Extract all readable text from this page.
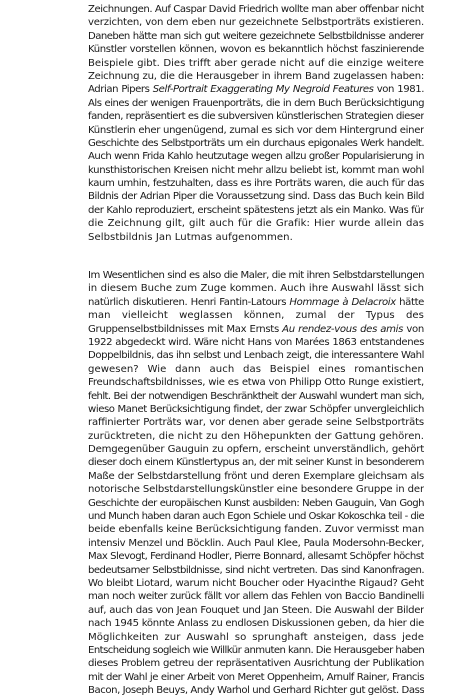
Zeichnungen. Auf Caspar David Friedrich wollte man aber offenbar nicht
verzichten, von dem eben nur gezeichnete Selbstporträts existieren.
Daneben hätte man sich gut weitere gezeichnete Selbstbildnisse anderer
Künstler vorstellen können, wovon es bekanntlich höchst faszinierende
Beispiele gibt. Dies trifft aber gerade nicht auf die einzige weitere
Zeichnung zu, die die Herausgeber in ihrem Band zugelassen haben:
Adrian Pipers Self-Portrait Exaggerating My Negroid Features von 1981.
Als eines der wenigen Frauenporträts, die in dem Buch Berücksichtigung
fanden, repräsentiert es die subversiven künstlerischen Strategien dieser
Künstlerin eher ungenügend, zumal es sich vor dem Hintergrund einer
Geschichte des Selbstporträts um ein durchaus epigonales Werk handelt.
Auch wenn Frida Kahlo heutzutage wegen allzu großer Popularisierung in
kunsthistorischen Kreisen nicht mehr allzu beliebt ist, kommt man wohl
kaum umhin, festzuhalten, dass es ihre Porträts waren, die auch für das
Bildnis der Adrian Piper die Voraussetzung sind. Dass das Buch kein Bild
der Kahlo reproduziert, erscheint spätestens jetzt als ein Manko. Was für
die Zeichnung gilt, gilt auch für die Grafik: Hier wurde allein das
Selbstbildnis Jan Lutmas aufgenommen.
Im Wesentlichen sind es also die Maler, die mit ihren Selbstdarstellungen
in diesem Buche zum Zuge kommen. Auch ihre Auswahl lässt sich
natürlich diskutieren. Henri Fantin-Latours Hommage à Delacroix hätte
man vielleicht weglassen können, zumal der Typus des
Gruppenselbstbildnisses mit Max Ernsts Au rendez-vous des amis von
1922 abgedeckt wird. Wäre nicht Hans von Marées 1863 entstandenes
Doppelbildnis, das ihn selbst und Lenbach zeigt, die interessantere Wahl
gewesen? Wie dann auch das Beispiel eines romantischen
Freundschaftsbildnisses, wie es etwa von Philipp Otto Runge existiert,
fehlt. Bei der notwendigen Beschränktheit der Auswahl wundert man sich,
wieso Manet Berücksichtigung findet, der zwar Schöpfer unvergleichlich
raffinierter Porträts war, vor denen aber gerade seine Selbstporträts
zurücktreten, die nicht zu den Höhepunkten der Gattung gehören.
Demgegenüber Gauguin zu opfern, erscheint unverständlich, gehört
dieser doch einem Künstlertypus an, der mit seiner Kunst in besonderem
Maße der Selbstdarstellung frönt und deren Exemplare gleichsam als
notorische Selbstdarstellungskünstler eine besondere Gruppe in der
Geschichte der europäischen Kunst ausbilden: Neben Gauguin, Van Gogh
und Munch haben daran auch Egon Schiele und Oskar Kokoschka teil - die
beide ebenfalls keine Berücksichtigung fanden. Zuvor vermisst man
intensiv Menzel und Böcklin. Auch Paul Klee, Paula Modersohn-Becker,
Max Slevogt, Ferdinand Hodler, Pierre Bonnard, allesamt Schöpfer höchst
bedeutsamer Selbstbildnisse, sind nicht vertreten. Das sind Kanonfragen.
Wo bleibt Liotard, warum nicht Boucher oder Hyacinthe Rigaud? Geht
man noch weiter zurück fällt vor allem das Fehlen von Baccio Bandinelli
auf, auch das von Jean Fouquet und Jan Steen. Die Auswahl der Bilder
nach 1945 könnte Anlass zu endlosen Diskussionen geben, da hier die
Möglichkeiten zur Auswahl so sprunghaft ansteigen, dass jede
Entscheidung sogleich wie Willkür anmuten kann. Die Herausgeber haben
dieses Problem getreu der repräsentativen Ausrichtung der Publikation
mit der Wahl je einer Arbeit von Meret Oppenheim, Arnulf Rainer, Francis
Bacon, Joseph Beuys, Andy Warhol und Gerhard Richter gut gelöst. Dass
